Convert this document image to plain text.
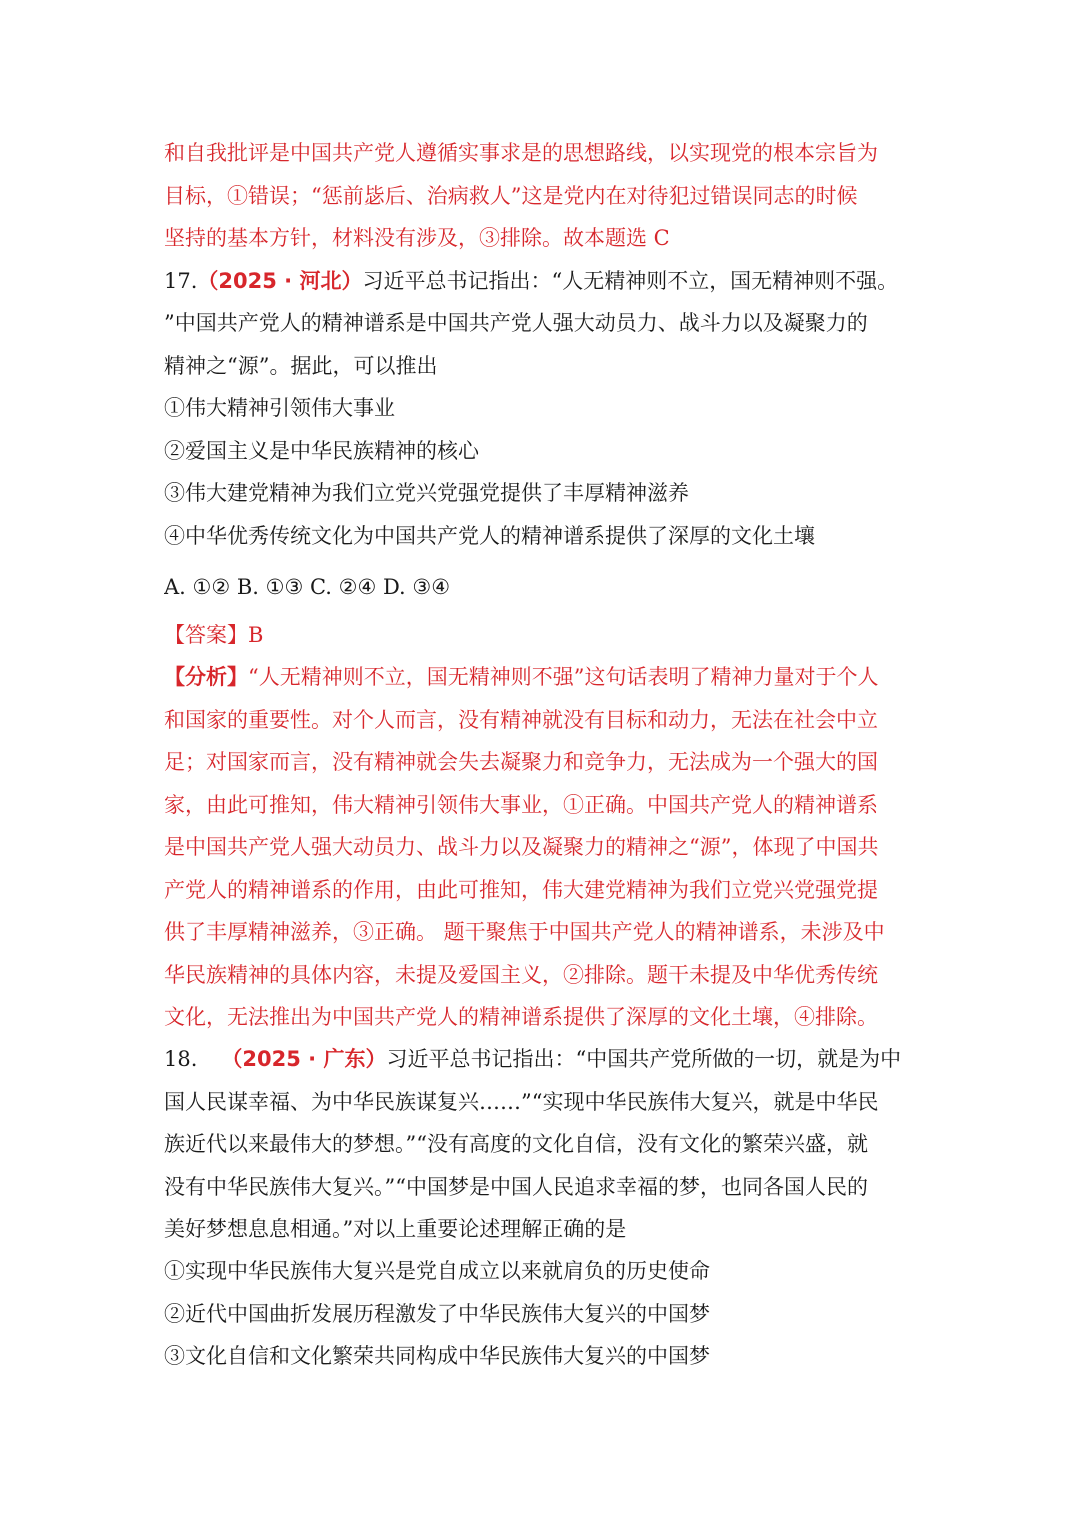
和自我批评是中国共产党人遵循实事求是的思想路线，以实现党的根本宗旨为
目标，①错误；“惩前毖后、治病救人”这是党内在对待犯过错误同志的时候
坚持的基本方针，材料没有涉及，③排除。故本题选 C
17.（2025 · 河北）习近平总书记指出：“人无精神则不立，国无精神则不强。
”中国共产党人的精神谱系是中国共产党人强大动员力、战斗力以及凝聚力的
精神之“源”。据此，可以推出
①伟大精神引领伟大事业
②爱国主义是中华民族精神的核心
③伟大建党精神为我们立党兴党强党提供了丰厚精神滋养
④中华优秀传统文化为中国共产党人的精神谱系提供了深厚的文化土壤
A. ①② B. ①③ C. ②④ D. ③④
【答案】B
【分析】“人无精神则不立，国无精神则不强”这句话表明了精神力量对于个人
和国家的重要性。对个人而言，没有精神就没有目标和动力，无法在社会中立
足；对国家而言，没有精神就会失去凝聚力和竞争力，无法成为一个强大的国
家，由此可推知，伟大精神引领伟大事业，①正确。中国共产党人的精神谱系
是中国共产党人强大动员力、战斗力以及凝聚力的精神之“源”，体现了中国共
产党人的精神谱系的作用，由此可推知，伟大建党精神为我们立党兴党强党提
供了丰厚精神滋养，③正确。 题干聚焦于中国共产党人的精神谱系，未涉及中
华民族精神的具体内容，未提及爱国主义，②排除。题干未提及中华优秀传统
文化，无法推出为中国共产党人的精神谱系提供了深厚的文化土壤，④排除。
18. （2025 · 广东）习近平总书记指出：“中国共产党所做的一切，就是为中
国人民谋幸福、为中华民族谋复兴……”“实现中华民族伟大复兴，就是中华民
族近代以来最伟大的梦想。”“没有高度的文化自信，没有文化的繁荣兴盛，就
没有中华民族伟大复兴。”“中国梦是中国人民追求幸福的梦，也同各国人民的
美好梦想息息相通。”对以上重要论述理解正确的是
①实现中华民族伟大复兴是党自成立以来就肩负的历史使命
②近代中国曲折发展历程激发了中华民族伟大复兴的中国梦
③文化自信和文化繁荣共同构成中华民族伟大复兴的中国梦
